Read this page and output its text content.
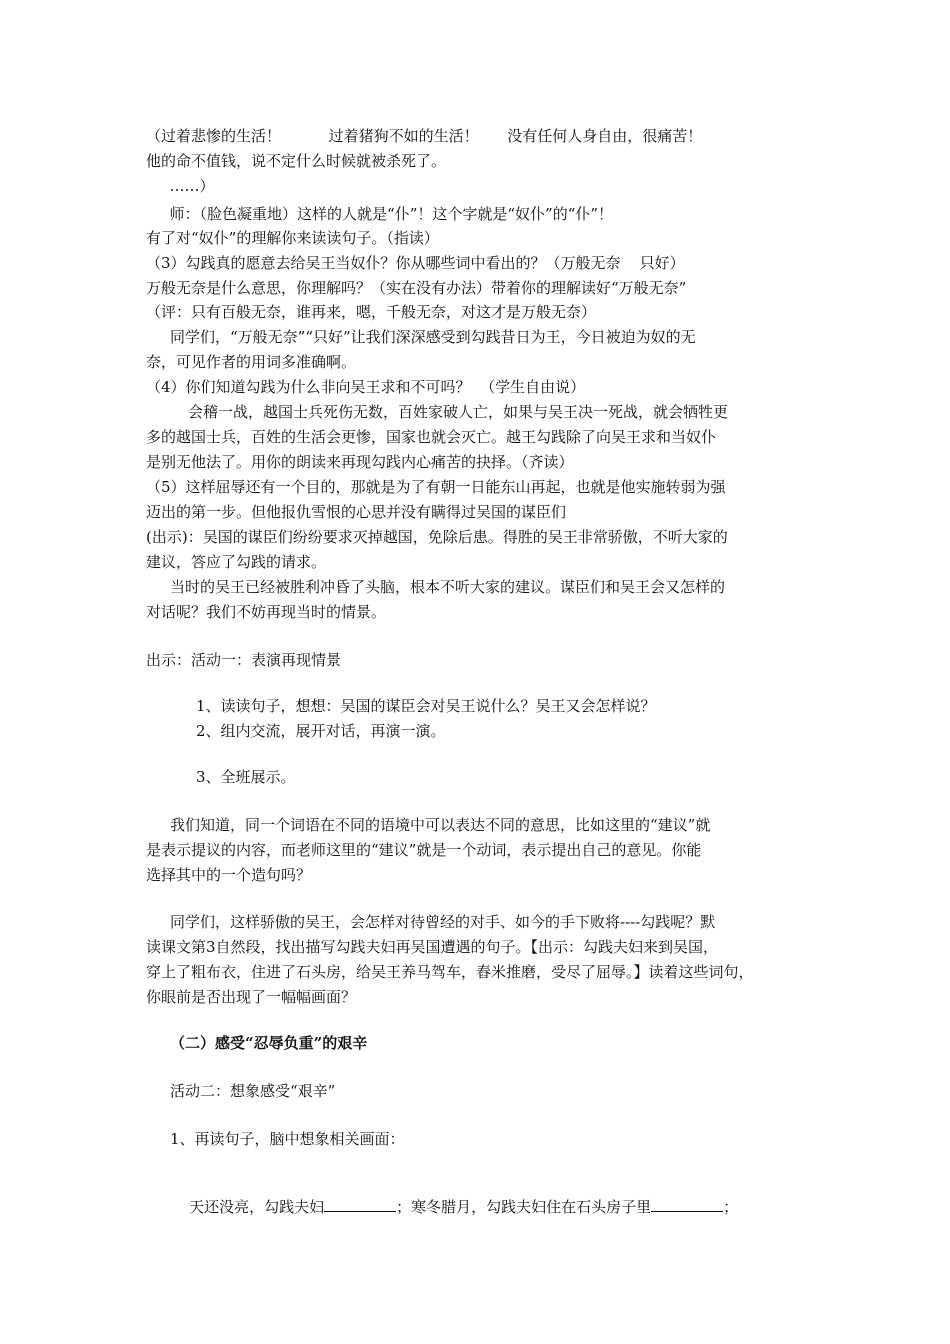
（过着悲惨的生活！          过着猪狗不如的生活！      没有任何人身自由，很痛苦！
他的命不值钱，说不定什么时候就被杀死了。
……）
师：（脸色凝重地）这样的人就是“仆”！这个字就是“奴仆”的“仆”！
有了对“奴仆”的理解你来读读句子。（指读）
（3）勾践真的愿意去给吴王当奴仆？你从哪些词中看出的？（万般无奈    只好）
万般无奈是什么意思，你理解吗？（实在没有办法）带着你的理解读好“万般无奈”
（评：只有百般无奈，谁再来，嗯，千般无奈，对这才是万般无奈）
同学们，“万般无奈”“只好”让我们深深感受到勾践昔日为王，今日被迫为奴的无
奈，可见作者的用词多准确啊。
（4）你们知道勾践为什么非向吴王求和不可吗？  （学生自由说）
会稽一战，越国士兵死伤无数，百姓家破人亡，如果与吴王决一死战，就会牺牲更
多的越国士兵，百姓的生活会更惨，国家也就会灭亡。越王勾践除了向吴王求和当奴仆
是别无他法了。用你的朗读来再现勾践内心痛苦的抉择。（齐读）
（5）这样屈辱还有一个目的，那就是为了有朝一日能东山再起，也就是他实施转弱为强
迈出的第一步。但他报仇雪恨的心思并没有瞒得过吴国的谋臣们
(出示)：吴国的谋臣们纷纷要求灭掉越国，免除后患。得胜的吴王非常骄傲，不听大家的
建议，答应了勾践的请求。
当时的吴王已经被胜利冲昏了头脑，根本不听大家的建议。谋臣们和吴王会又怎样的
对话呢？我们不妨再现当时的情景。
出示：活动一：表演再现情景
1、读读句子，想想：吴国的谋臣会对吴王说什么？吴王又会怎样说？
2、组内交流，展开对话，再演一演。
3、全班展示。
我们知道，同一个词语在不同的语境中可以表达不同的意思，比如这里的“建议”就
是表示提议的内容，而老师这里的“建议”就是一个动词，表示提出自己的意见。你能
选择其中的一个造句吗？
同学们，这样骄傲的吴王，会怎样对待曾经的对手、如今的手下败将----勾践呢？默
读课文第3自然段，找出描写勾践夫妇再吴国遭遇的句子。【出示：勾践夫妇来到吴国，
穿上了粗布衣，住进了石头房，给吴王养马驾车，舂米推磨，受尽了屈辱。】读着这些词句，
你眼前是否出现了一幅幅画面？
（二）感受“忍辱负重”的艰辛
活动二：想象感受“艰辛”
1、再读句子，脑中想象相关画面：

天还没亮，勾践夫妇	；寒冬腊月，勾践夫妇住在石头房子里	；
